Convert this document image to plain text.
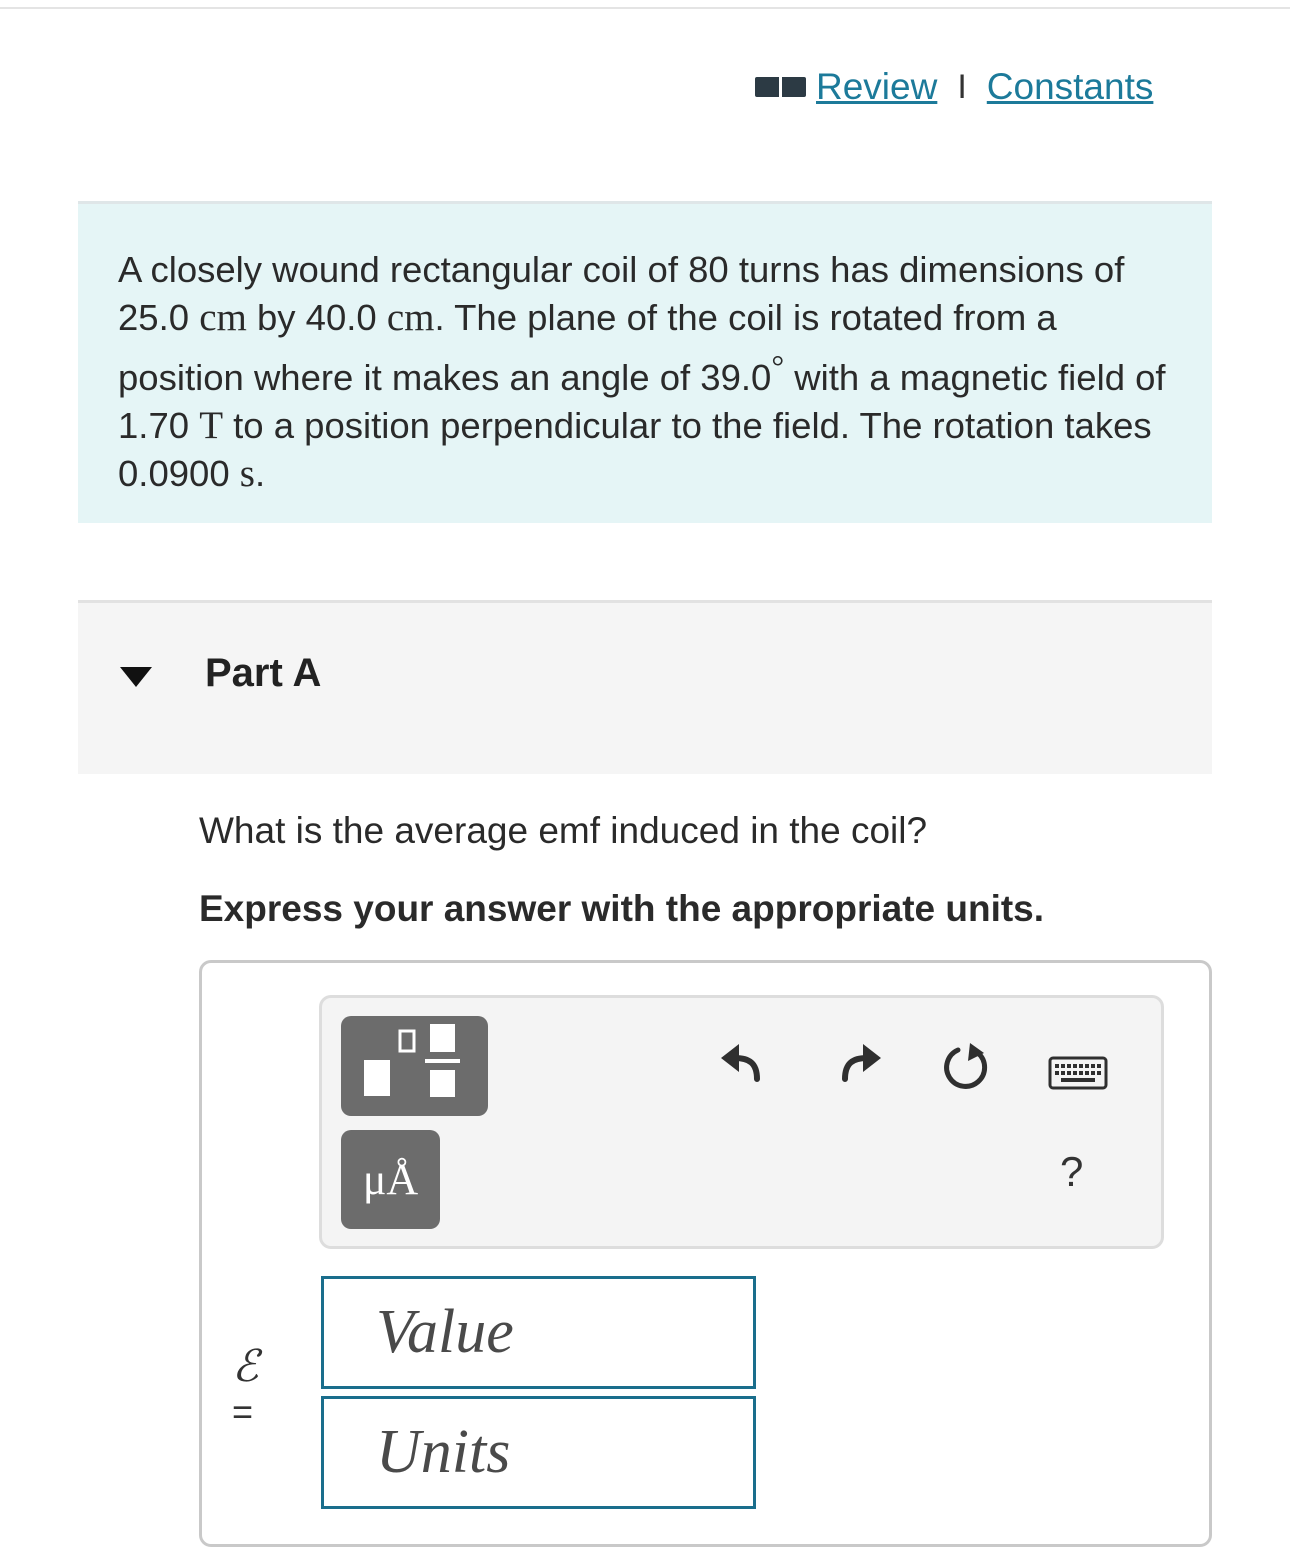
Review I Constants

A closely wound rectangular coil of 80 turns has dimensions of 25.0 cm by 40.0 cm. The plane of the coil is rotated from a position where it makes an angle of 39.0° with a magnetic field of 1.70 T to a position perpendicular to the field. The rotation takes 0.0900 s.

Part A
What is the average emf induced in the coil?
Express your answer with the appropriate units.
μÅ	?
ℰ
=
Value
Units
